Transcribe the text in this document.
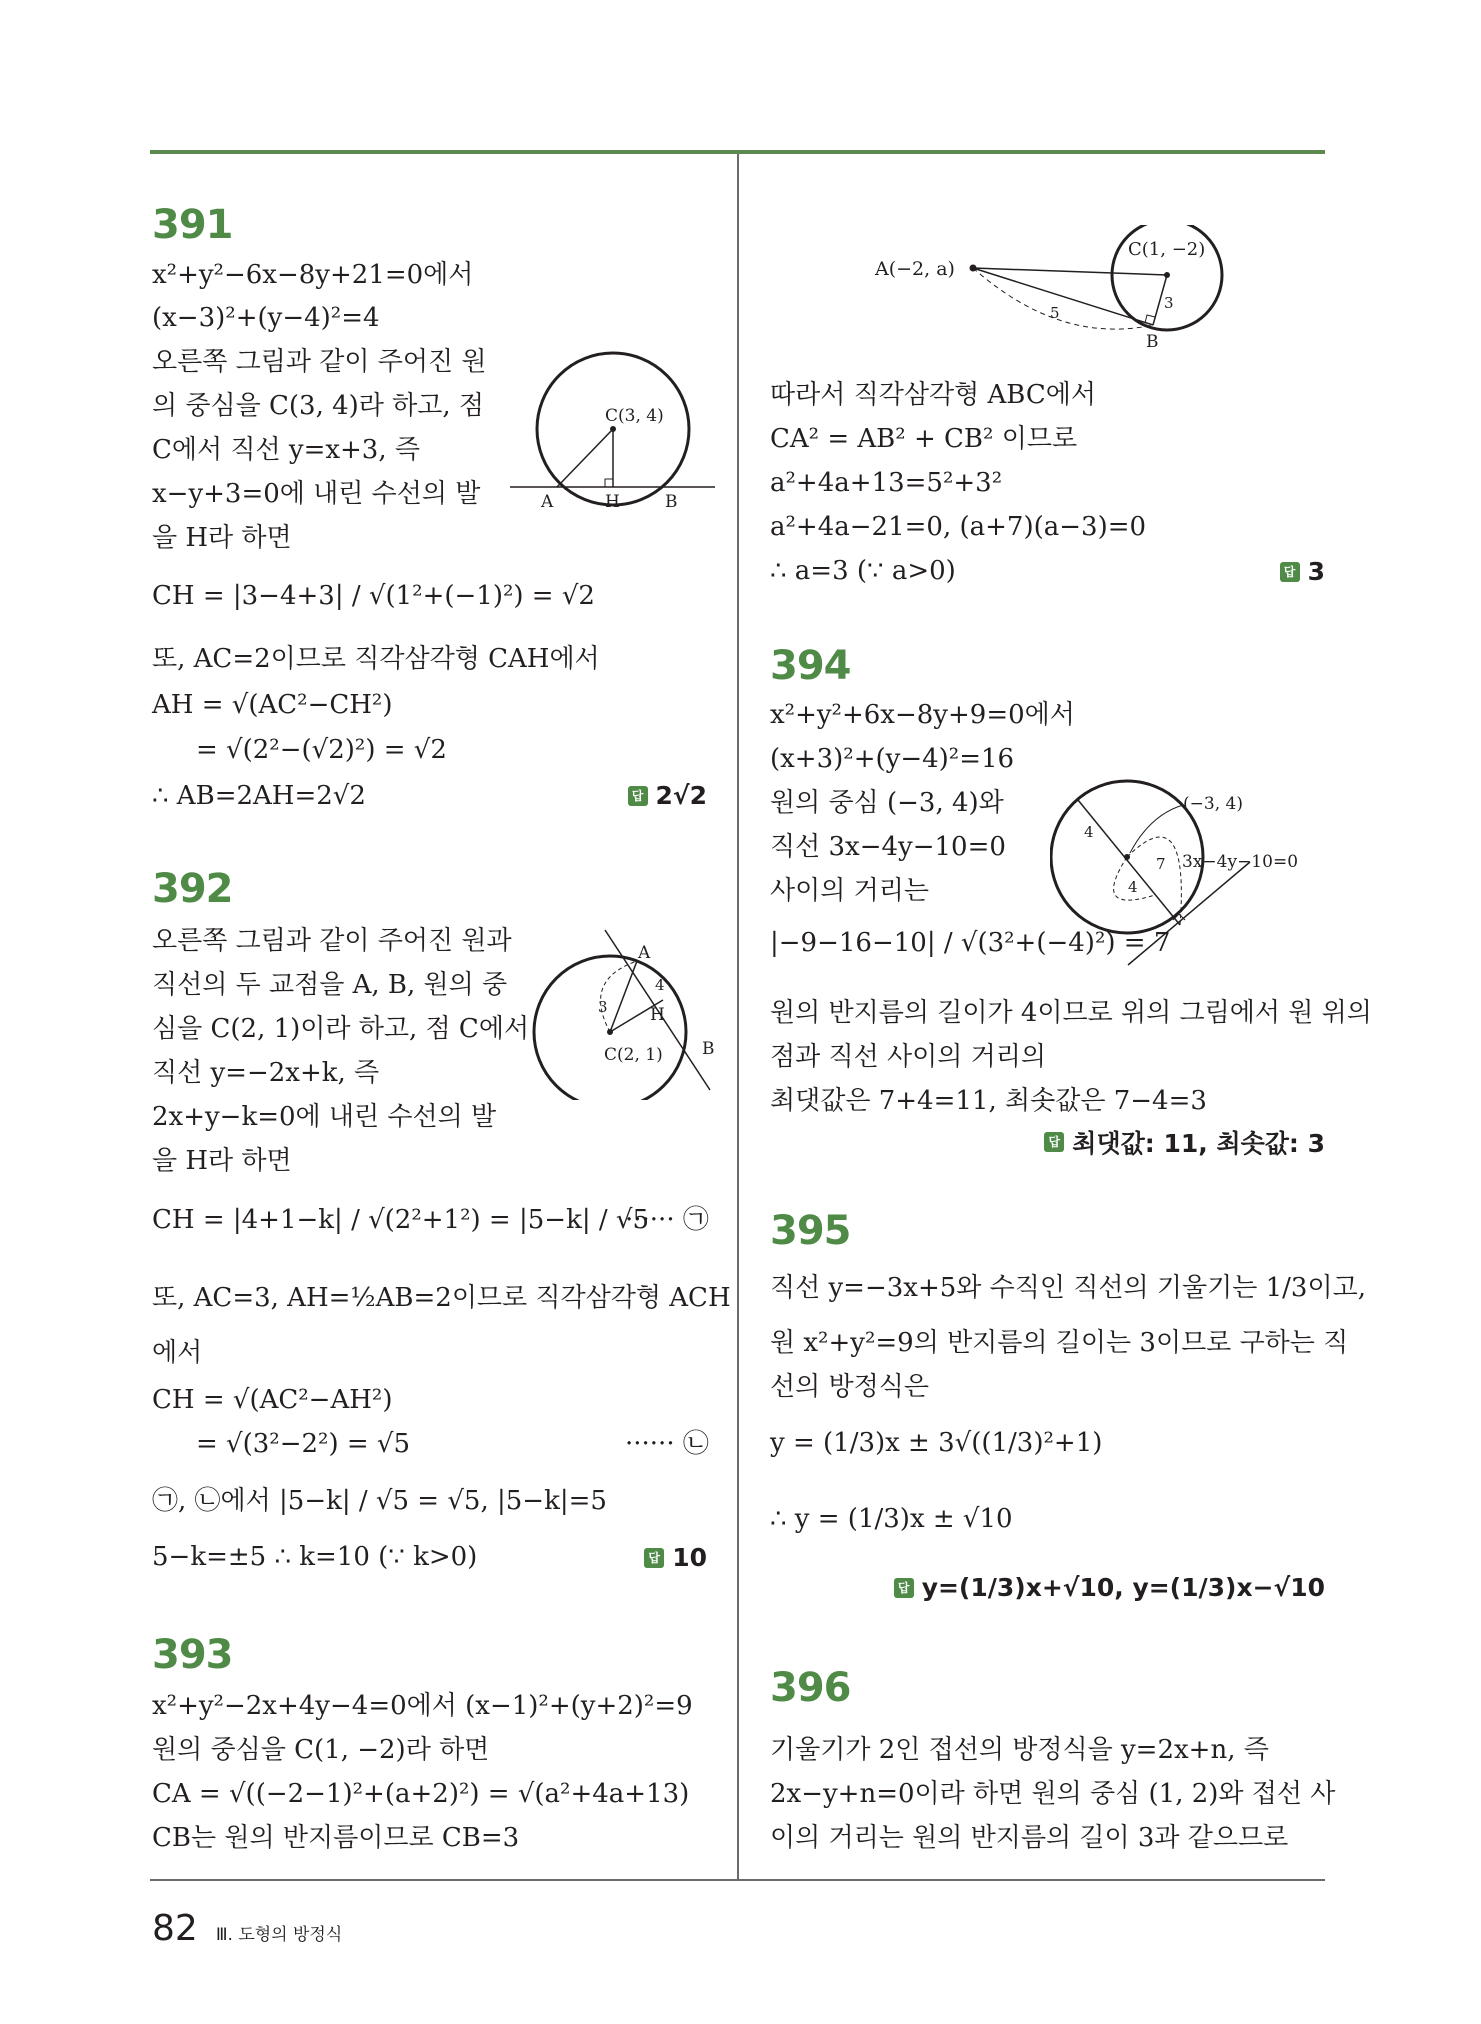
391
x²+y²−6x−8y+21=0에서
(x−3)²+(y−4)²=4
오른쪽 그림과 같이 주어진 원
의 중심을 C(3, 4)라 하고, 점
C에서 직선 y=x+3, 즉
x−y+3=0에 내린 수선의 발
을 H라 하면
CH = |3−4+3| / √(1²+(−1)²) = √2
또, AC=2이므로 직각삼각형 CAH에서
AH = √(AC²−CH²)
= √(2²−(√2)²) = √2
∴ AB=2AH=2√2	답 2√2
C(3, 4)
A	H	B
392
오른쪽 그림과 같이 주어진 원과
직선의 두 교점을 A, B, 원의 중
심을 C(2, 1)이라 하고, 점 C에서
직선 y=−2x+k, 즉
2x+y−k=0에 내린 수선의 발
을 H라 하면
CH = |4+1−k| / √(2²+1²) = |5−k| / √5
······ ㉠
또, AC=3, AH=½AB=2이므로 직각삼각형 ACH
에서
CH = √(AC²−AH²)
= √(3²−2²) = √5	······ ㉡
㉠, ㉡에서 |5−k| / √5 = √5, |5−k|=5
5−k=±5 ∴ k=10 (∵ k>0)	답 10
A
H
B
3
4
C(2, 1)
393
x²+y²−2x+4y−4=0에서 (x−1)²+(y+2)²=9
원의 중심을 C(1, −2)라 하면
CA = √((−2−1)²+(a+2)²) = √(a²+4a+13)
CB는 원의 반지름이므로 CB=3
A(−2, a)
C(1, −2)
B
5
3
따라서 직각삼각형 ABC에서
CA² = AB² + CB² 이므로
a²+4a+13=5²+3²
a²+4a−21=0, (a+7)(a−3)=0
∴ a=3 (∵ a>0)	답 3
394
x²+y²+6x−8y+9=0에서
(x+3)²+(y−4)²=16
원의 중심 (−3, 4)와
직선 3x−4y−10=0
사이의 거리는
|−9−16−10| / √(3²+(−4)²) = 7
원의 반지름의 길이가 4이므로 위의 그림에서 원 위의
점과 직선 사이의 거리의
최댓값은 7+4=11, 최솟값은 7−4=3
답 최댓값: 11, 최솟값: 3
(−3, 4)
3x−4y−10=0
4
7
4
395
직선 y=−3x+5와 수직인 직선의 기울기는 1/3이고,
원 x²+y²=9의 반지름의 길이는 3이므로 구하는 직
선의 방정식은
y = (1/3)x ± 3√((1/3)²+1)
∴ y = (1/3)x ± √10
답 y=(1/3)x+√10, y=(1/3)x−√10
396
기울기가 2인 접선의 방정식을 y=2x+n, 즉
2x−y+n=0이라 하면 원의 중심 (1, 2)와 접선 사
이의 거리는 원의 반지름의 길이 3과 같으므로
82 Ⅲ. 도형의 방정식
